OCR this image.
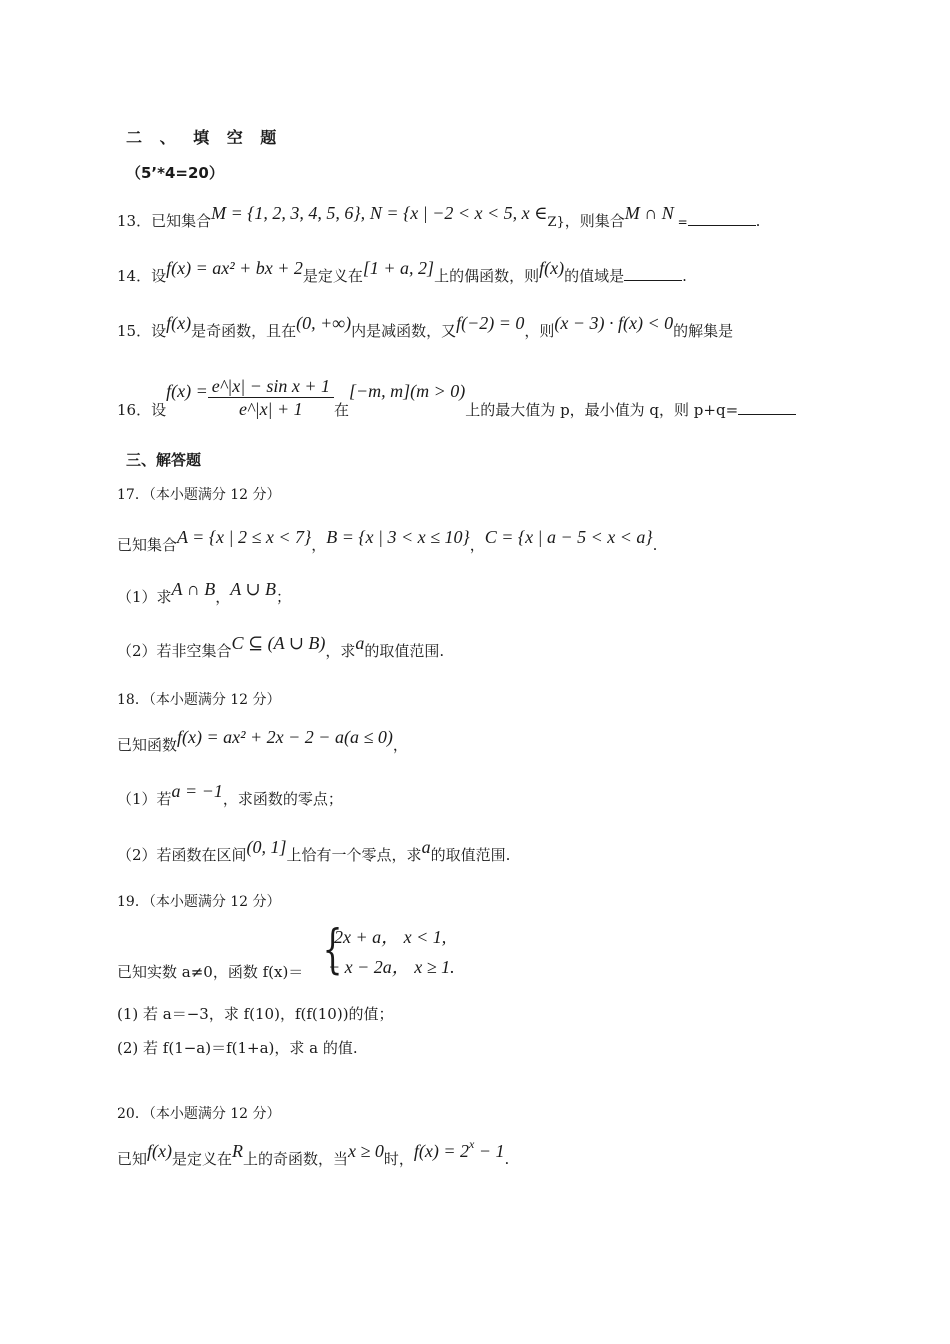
二 、 填 空 题
（5’*4=20）
13．已知集合M = {1, 2, 3, 4, 5, 6}, N = {x | −2 < x < 5, x ∈Z}，则集合M ∩ N =	.
14．设f(x) = ax² + bx + 2是定义在[1 + a, 2]上的偶函数，则f(x)的值域是	.
15．设f(x)是奇函数，且在(0, +∞)内是减函数，又f(−2) = 0，则(x − 3) · f(x) < 0的解集是
16．设$f(x) = \frac{\text{e\textasciicircum{}|x| − sin x + 1}}{e\^{}|x| + 1}$ 在[−m, m](m > 0)上的最大值为 p，最小值为 q，则 p+q=
三、解答题
17．（本小题满分 12 分）
已知集合A = {x | 2 ≤ x < 7}，B = {x | 3 < x ≤ 10}，C = {x | a − 5 < x < a}.
（1）求A ∩ B，A ∪ B；
（2）若非空集合C ⊆ (A ∪ B)，求a的取值范围.
18．（本小题满分 12 分）
已知函数f(x) = ax² + 2x − 2 − a(a ≤ 0)，
（1）若a = −1，求函数的零点；
（2）若函数在区间(0, 1]上恰有一个零点，求a的取值范围.
19．（本小题满分 12 分）
已知实数 a≠0，函数 f(x)＝ {
2x + a， x < 1,
− x − 2a， x ≥ 1.
(1) 若 a＝−3，求 f(10)，f(f(10))的值；
(2) 若 f(1−a)＝f(1+a)，求 a 的值.
20．（本小题满分 12 分）
已知f(x)是定义在R上的奇函数，当x ≥ 0时，$f(x) = 2^x - 1$.
